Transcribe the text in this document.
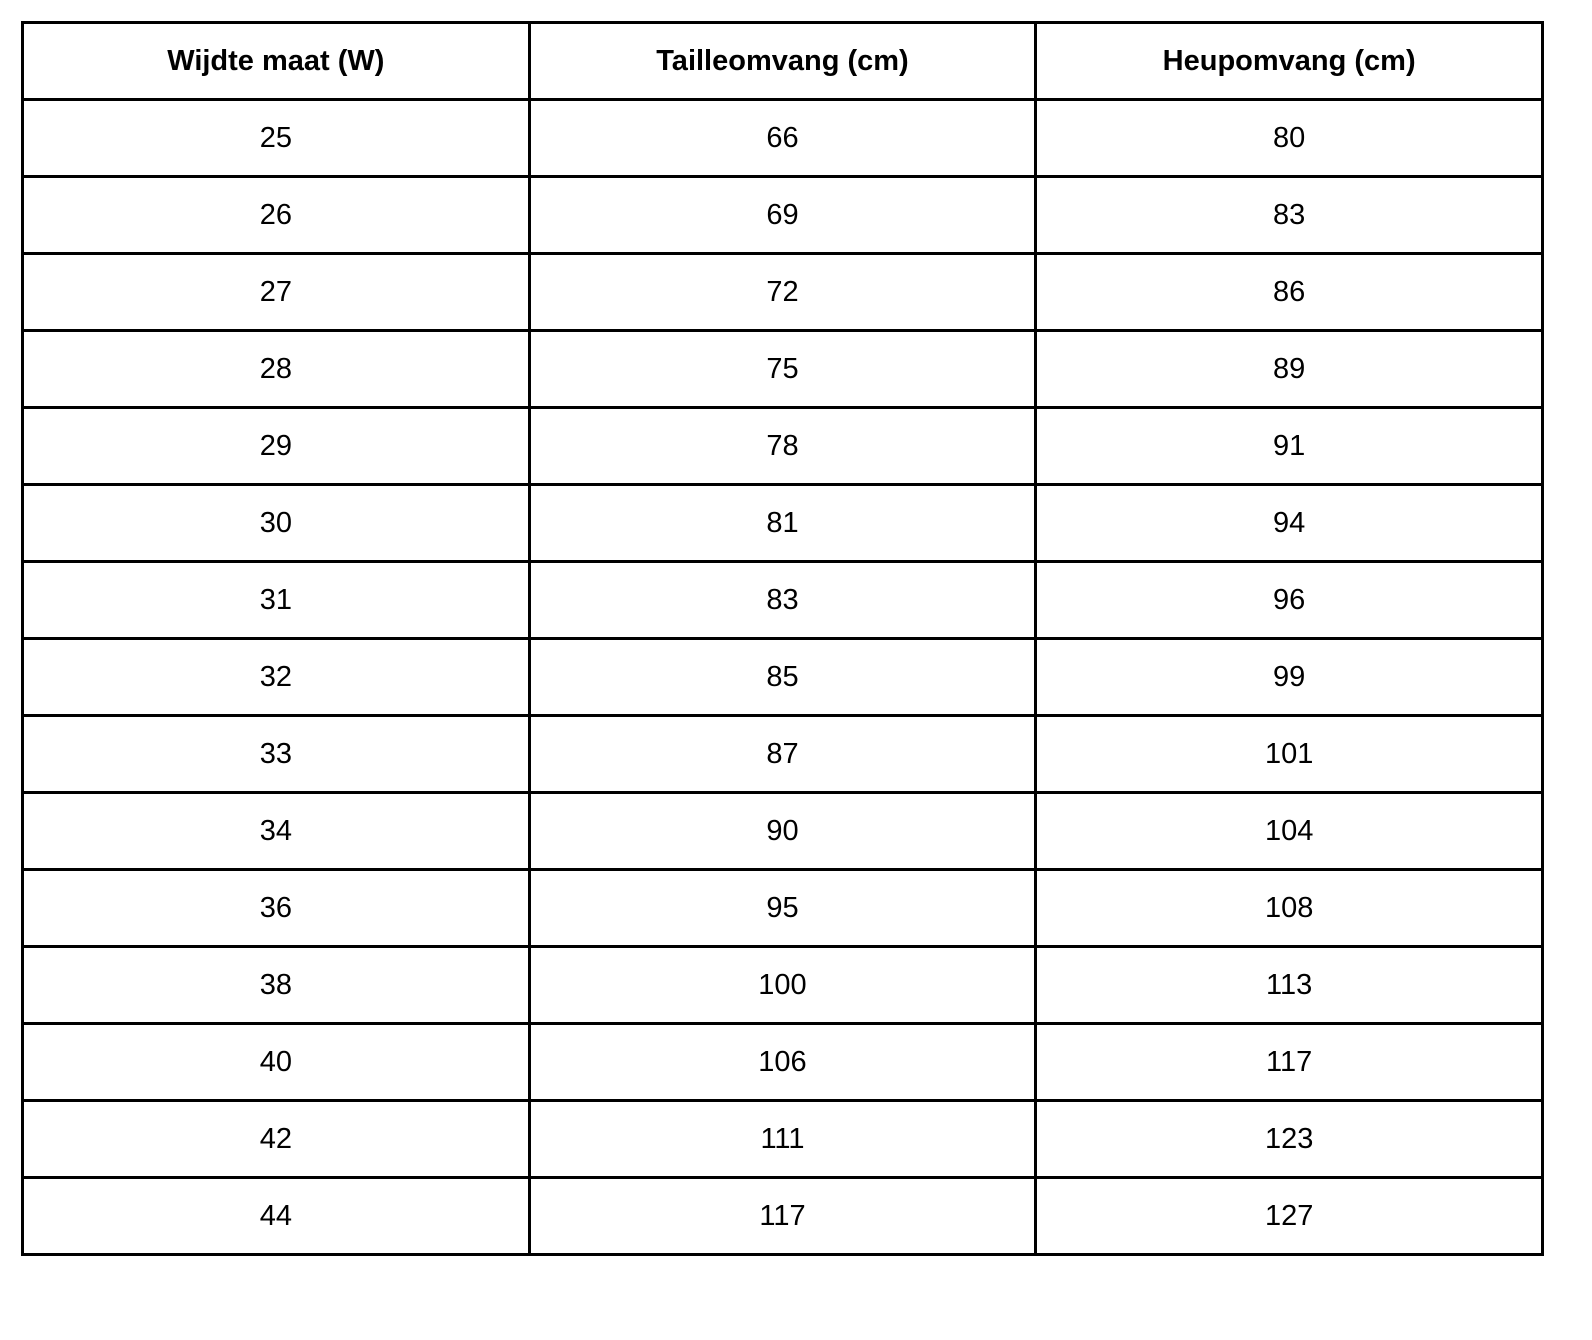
Wijdte maat (W)	Tailleomvang (cm)	Heupomvang (cm)
25	66	80
26	69	83
27	72	86
28	75	89
29	78	91
30	81	94
31	83	96
32	85	99
33	87	101
34	90	104
36	95	108
38	100	113
40	106	117
42	111	123
44	117	127
